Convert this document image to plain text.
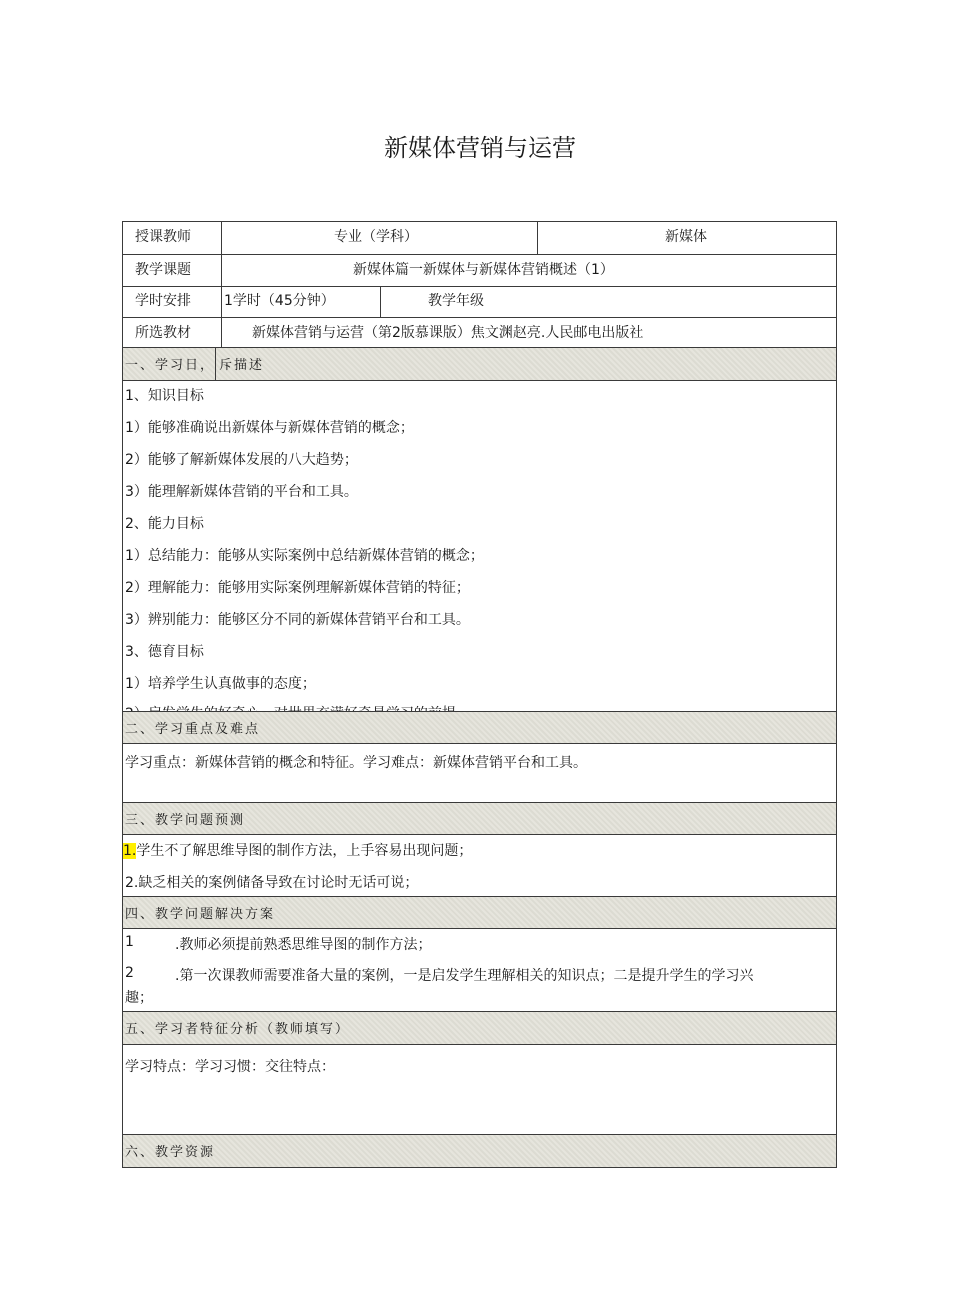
新媒体营销与运营
授课教师	专业（学科）	新媒体
教学课题	新媒体篇一新媒体与新媒体营销概述（1）
学时安排 1学时（45分钟）	教学年级
所选教材	新媒体营销与运营（第2版慕课版）焦文渊赵亮.人民邮电出版社
一、学习日， 斥描述
1、知识目标
1）能够准确说出新媒体与新媒体营销的概念；
2）能够了解新媒体发展的八大趋势；
3）能理解新媒体营销的平台和工具。
2、能力目标
1）总结能力：能够从实际案例中总结新媒体营销的概念；
2）理解能力：能够用实际案例理解新媒体营销的特征；
3）辨别能力：能够区分不同的新媒体营销平台和工具。
3、德育目标
1）培养学生认真做事的态度；
二、学习重点及难点
学习重点：新媒体营销的概念和特征。学习难点：新媒体营销平台和工具。
三、教学问题预测
1.学生不了解思维导图的制作方法，上手容易出现问题；
2.缺乏相关的案例储备导致在讨论时无话可说；
四、教学问题解决方案
1	.教师必须提前熟悉思维导图的制作方法；
2	.第一次课教师需要准备大量的案例，一是启发学生理解相关的知识点；二是提升学生的学习兴
趣；
五、学习者特征分析（教师填写）
学习特点：学习习惯：交往特点：
六、教学资源
